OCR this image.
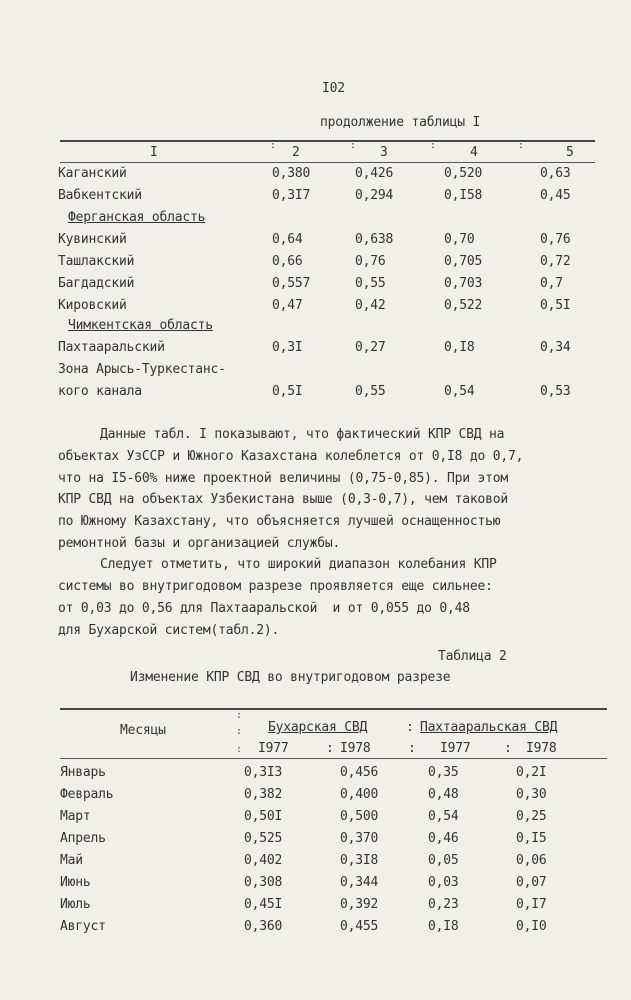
I02
продолжение таблицы I
I	2	3	4	5
:	:	:	:
Каганский	0,380	0,426	0,520	0,63
Вабкентский	0,3I7	0,294	0,I58	0,45
Ферганская область
Кувинский	0,64	0,638	0,70	0,76
Ташлакский	0,66	0,76	0,705	0,72
Багдадский	0,557	0,55	0,703	0,7
Кировский	0,47	0,42	0,522	0,5I
Чимкентская область
Пахтааральский	0,3I	0,27	0,I8	0,34
Зона Арысь-Туркестанс-
кого канала	0,5I	0,55	0,54	0,53
Данные табл. I показывают, что фактический КПР СВД на
объектах УзССР и Южного Казахстана колеблется от 0,I8 до 0,7,
что на I5-60% ниже проектной величины (0,75-0,85). При этом
КПР СВД на объектах Узбекистана выше (0,3-0,7), чем таковой
по Южному Казахстану, что объясняется лучшей оснащенностью
ремонтной базы и организацией службы.
Следует отметить, что широкий диапазон колебания КПР
системы во внутригодовом разрезе проявляется еще сильнее:
от 0,03 до 0,56 для Пахтааральской  и от 0,055 до 0,48
для Бухарской систем(табл.2).
Таблица 2
Изменение КПР СВД во внутригодовом разрезе
Месяцы
:
: Бухарская СВД	: Пахтааральская СВД
: I977	: I978	: I977	: I978
Январь	0,3I3	0,456	0,35	0,2I
Февраль	0,382	0,400	0,48	0,30
Март	0,50I	0,500	0,54	0,25
Апрель	0,525	0,370	0,46	0,I5
Май	0,402	0,3I8	0,05	0,06
Июнь	0,308	0,344	0,03	0,07
Июль	0,45I	0,392	0,23	0,I7
Август	0,360	0,455	0,I8	0,I0
